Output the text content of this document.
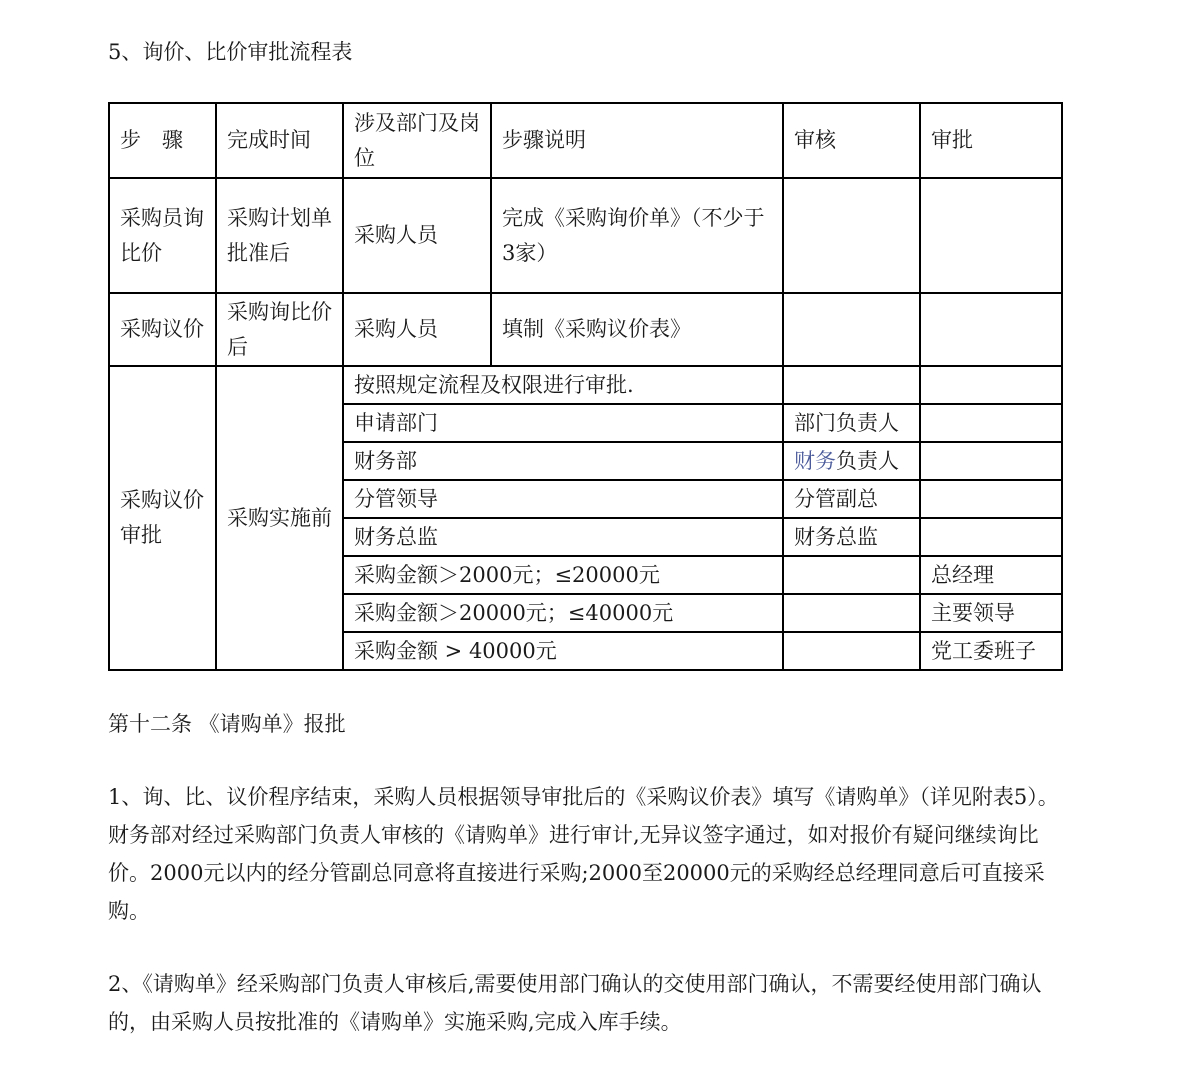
5、询价、比价审批流程表
步　骤	完成时间	涉及部门及岗位	步骤说明	审核	审批
采购员询比价	采购计划单批准后	采购人员	完成《采购询价单》（不少于3家）		
采购议价	采购询比价后	采购人员	填制《采购议价表》		
采购议价审批	采购实施前	按照规定流程及权限进行审批.			
		申请部门		部门负责人	
		财务部		财务负责人	
		分管领导		分管副总	
		财务总监		财务总监	
		采购金额＞2000元；≤20000元			总经理
		采购金额＞20000元；≤40000元			主要领导
		采购金额 > 40000元			党工委班子
第十二条 《请购单》报批

1、询、比、议价程序结束，采购人员根据领导审批后的《采购议价表》填写《请购单》（详见附表5）。财务部对经过采购部门负责人审核的《请购单》进行审计,无异议签字通过，如对报价有疑问继续询比价。2000元以内的经分管副总同意将直接进行采购;2000至20000元的采购经总经理同意后可直接采购。

2、《请购单》经采购部门负责人审核后,需要使用部门确认的交使用部门确认，不需要经使用部门确认的，由采购人员按批准的《请购单》实施采购,完成入库手续。
